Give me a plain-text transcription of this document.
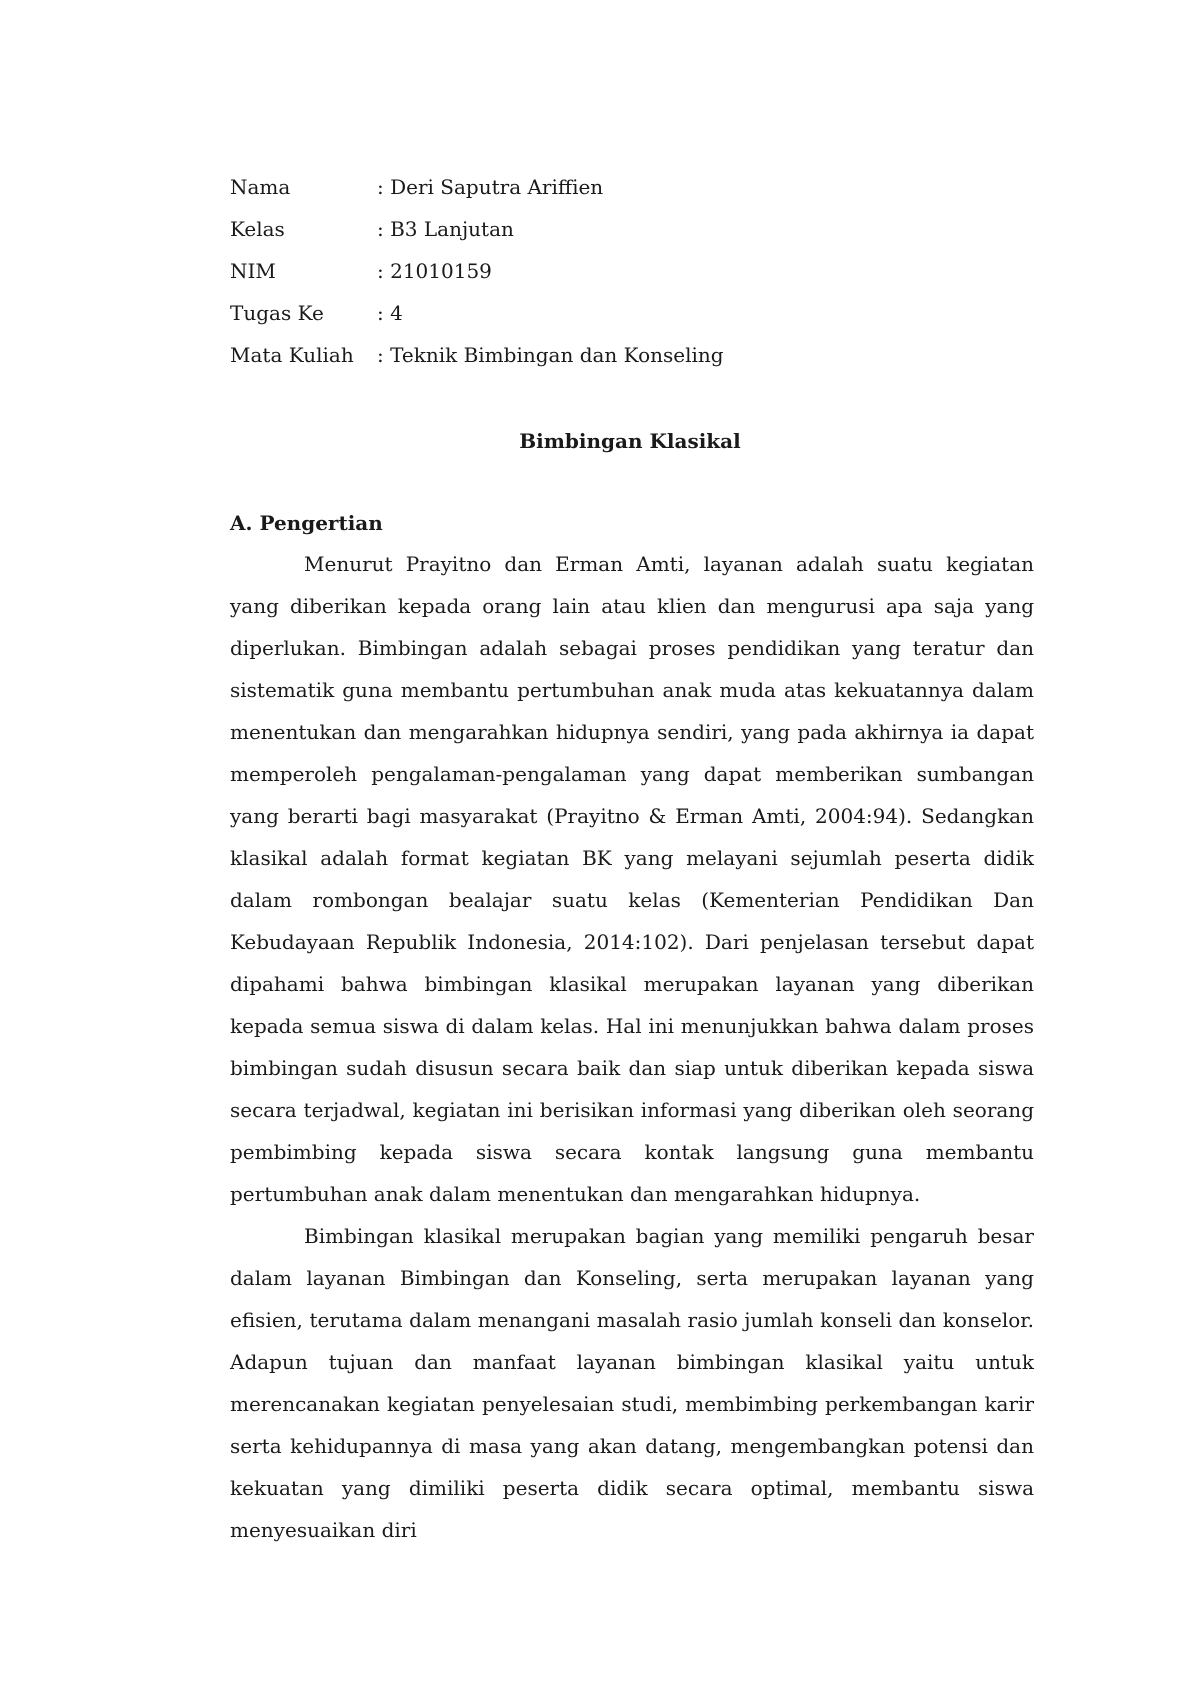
Nama	: Deri Saputra Ariffien
Kelas	: B3 Lanjutan
NIM	: 21010159
Tugas Ke	: 4
Mata Kuliah	: Teknik Bimbingan dan Konseling
Bimbingan Klasikal
A. Pengertian

Menurut Prayitno dan Erman Amti, layanan adalah suatu kegiatan yang diberikan kepada orang lain atau klien dan mengurusi apa saja yang diperlukan. Bimbingan adalah sebagai proses pendidikan yang teratur dan sistematik guna membantu pertumbuhan anak muda atas kekuatannya dalam menentukan dan mengarahkan hidupnya sendiri, yang pada akhirnya ia dapat memperoleh pengalaman-pengalaman yang dapat memberikan sumbangan yang berarti bagi masyarakat (Prayitno & Erman Amti, 2004:94). Sedangkan klasikal adalah format kegiatan BK yang melayani sejumlah peserta didik dalam rombongan bealajar suatu kelas (Kementerian Pendidikan Dan Kebudayaan Republik Indonesia, 2014:102). Dari penjelasan tersebut dapat dipahami bahwa bimbingan klasikal merupakan layanan yang diberikan kepada semua siswa di dalam kelas. Hal ini menunjukkan bahwa dalam proses bimbingan sudah disusun secara baik dan siap untuk diberikan kepada siswa secara terjadwal, kegiatan ini berisikan informasi yang diberikan oleh seorang pembimbing kepada siswa secara kontak langsung guna membantu pertumbuhan anak dalam menentukan dan mengarahkan hidupnya.

Bimbingan klasikal merupakan bagian yang memiliki pengaruh besar dalam layanan Bimbingan dan Konseling, serta merupakan layanan yang efisien, terutama dalam menangani masalah rasio jumlah konseli dan konselor. Adapun tujuan dan manfaat layanan bimbingan klasikal yaitu untuk merencanakan kegiatan penyelesaian studi, membimbing perkembangan karir serta kehidupannya di masa yang akan datang, mengembangkan potensi dan kekuatan yang dimiliki peserta didik secara optimal, membantu siswa menyesuaikan diri
